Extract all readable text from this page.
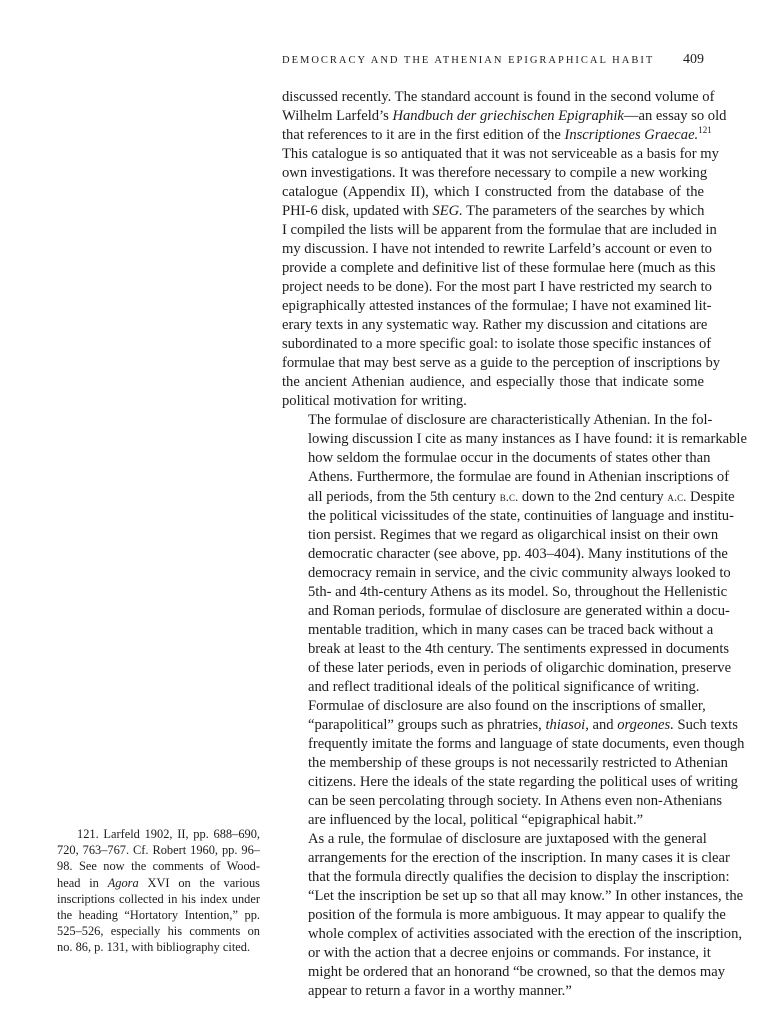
DEMOCRACY AND THE ATHENIAN EPIGRAPHICAL HABIT 409

discussed recently. The standard account is found in the second volume of
Wilhelm Larfeld’s Handbuch der griechischen Epigraphik—an essay so old
that references to it are in the first edition of the Inscriptiones Graecae.$^{121}$
This catalogue is so antiquated that it was not serviceable as a basis for my
own investigations. It was therefore necessary to compile a new working
catalogue (Appendix II), which I constructed from the database of the
PHI-6 disk, updated with SEG. The parameters of the searches by which
I compiled the lists will be apparent from the formulae that are included in
my discussion. I have not intended to rewrite Larfeld’s account or even to
provide a complete and definitive list of these formulae here (much as this
project needs to be done). For the most part I have restricted my search to
epigraphically attested instances of the formulae; I have not examined lit-
erary texts in any systematic way. Rather my discussion and citations are
subordinated to a more specific goal: to isolate those specific instances of
formulae that may best serve as a guide to the perception of inscriptions by
the ancient Athenian audience, and especially those that indicate some
political motivation for writing.

The formulae of disclosure are characteristically Athenian. In the fol-
lowing discussion I cite as many instances as I have found: it is remarkable
how seldom the formulae occur in the documents of states other than
Athens. Furthermore, the formulae are found in Athenian inscriptions of
all periods, from the 5th century b.c. down to the 2nd century a.c. Despite
the political vicissitudes of the state, continuities of language and institu-
tion persist. Regimes that we regard as oligarchical insist on their own
democratic character (see above, pp. 403–404). Many institutions of the
democracy remain in service, and the civic community always looked to
5th- and 4th-century Athens as its model. So, throughout the Hellenistic
and Roman periods, formulae of disclosure are generated within a docu-
mentable tradition, which in many cases can be traced back without a
break at least to the 4th century. The sentiments expressed in documents
of these later periods, even in periods of oligarchic domination, preserve
and reflect traditional ideals of the political significance of writing.

Formulae of disclosure are also found on the inscriptions of smaller,
“parapolitical” groups such as phratries, thiasoi, and orgeones. Such texts
frequently imitate the forms and language of state documents, even though
the membership of these groups is not necessarily restricted to Athenian
citizens. Here the ideals of the state regarding the political uses of writing
can be seen percolating through society. In Athens even non-Athenians
are influenced by the local, political “epigraphical habit.”

As a rule, the formulae of disclosure are juxtaposed with the general
arrangements for the erection of the inscription. In many cases it is clear
that the formula directly qualifies the decision to display the inscription:
“Let the inscription be set up so that all may know.” In other instances, the
position of the formula is more ambiguous. It may appear to qualify the
whole complex of activities associated with the erection of the inscription,
or with the action that a decree enjoins or commands. For instance, it
might be ordered that an honorand “be crowned, so that the demos may
appear to return a favor in a worthy manner.”

121. Larfeld 1902, II, pp. 688–690,
720, 763–767. Cf. Robert 1960, pp. 96–
98. See now the comments of Wood-
head in Agora XVI on the various
inscriptions collected in his index under
the heading “Hortatory Intention,” pp.
525–526, especially his comments on
no. 86, p. 131, with bibliography cited.
